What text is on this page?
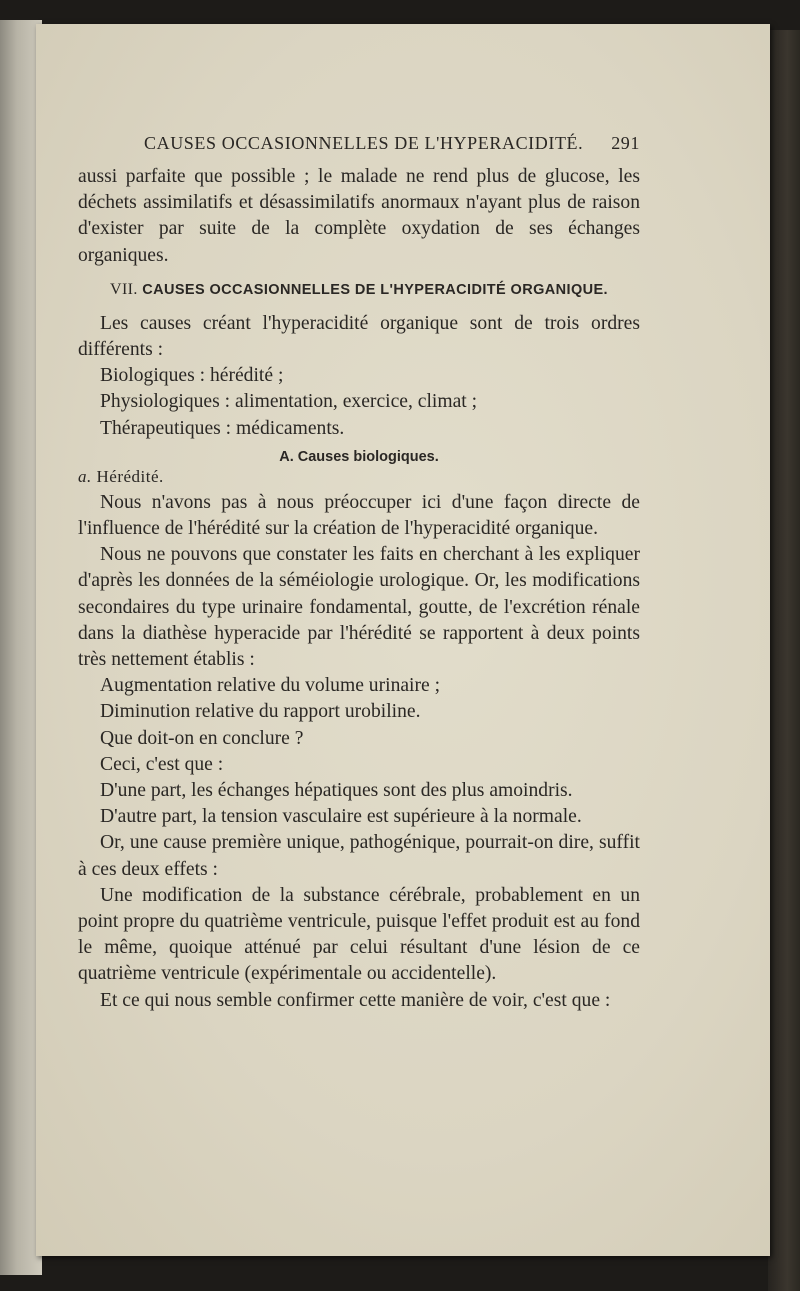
CAUSES OCCASIONNELLES DE L'HYPERACIDITÉ. 291

aussi parfaite que possible ; le malade ne rend plus de glucose, les déchets assimilatifs et désassimilatifs anormaux n'ayant plus de raison d'exister par suite de la complète oxydation de ses échanges organiques.

VII. CAUSES OCCASIONNELLES DE L'HYPERACIDITÉ ORGANIQUE.

Les causes créant l'hyperacidité organique sont de trois ordres différents :

Biologiques : hérédité ;
Physiologiques : alimentation, exercice, climat ;
Thérapeutiques : médicaments.
A. Causes biologiques.
a. Hérédité.

Nous n'avons pas à nous préoccuper ici d'une façon directe de l'influence de l'hérédité sur la création de l'hyperacidité organique.

Nous ne pouvons que constater les faits en cherchant à les expliquer d'après les données de la séméiologie urologique. Or, les modifications secondaires du type urinaire fondamental, goutte, de l'excrétion rénale dans la diathèse hyperacide par l'hérédité se rapportent à deux points très nettement établis :

Augmentation relative du volume urinaire ;
Diminution relative du rapport urobiline.
Que doit-on en conclure ?
Ceci, c'est que :
D'une part, les échanges hépatiques sont des plus amoindris.

D'autre part, la tension vasculaire est supérieure à la normale.

Or, une cause première unique, pathogénique, pourrait-on dire, suffit à ces deux effets :

Une modification de la substance cérébrale, probablement en un point propre du quatrième ventricule, puisque l'effet produit est au fond le même, quoique atténué par celui résultant d'une lésion de ce quatrième ventricule (expérimentale ou accidentelle).

Et ce qui nous semble confirmer cette manière de voir, c'est que :
